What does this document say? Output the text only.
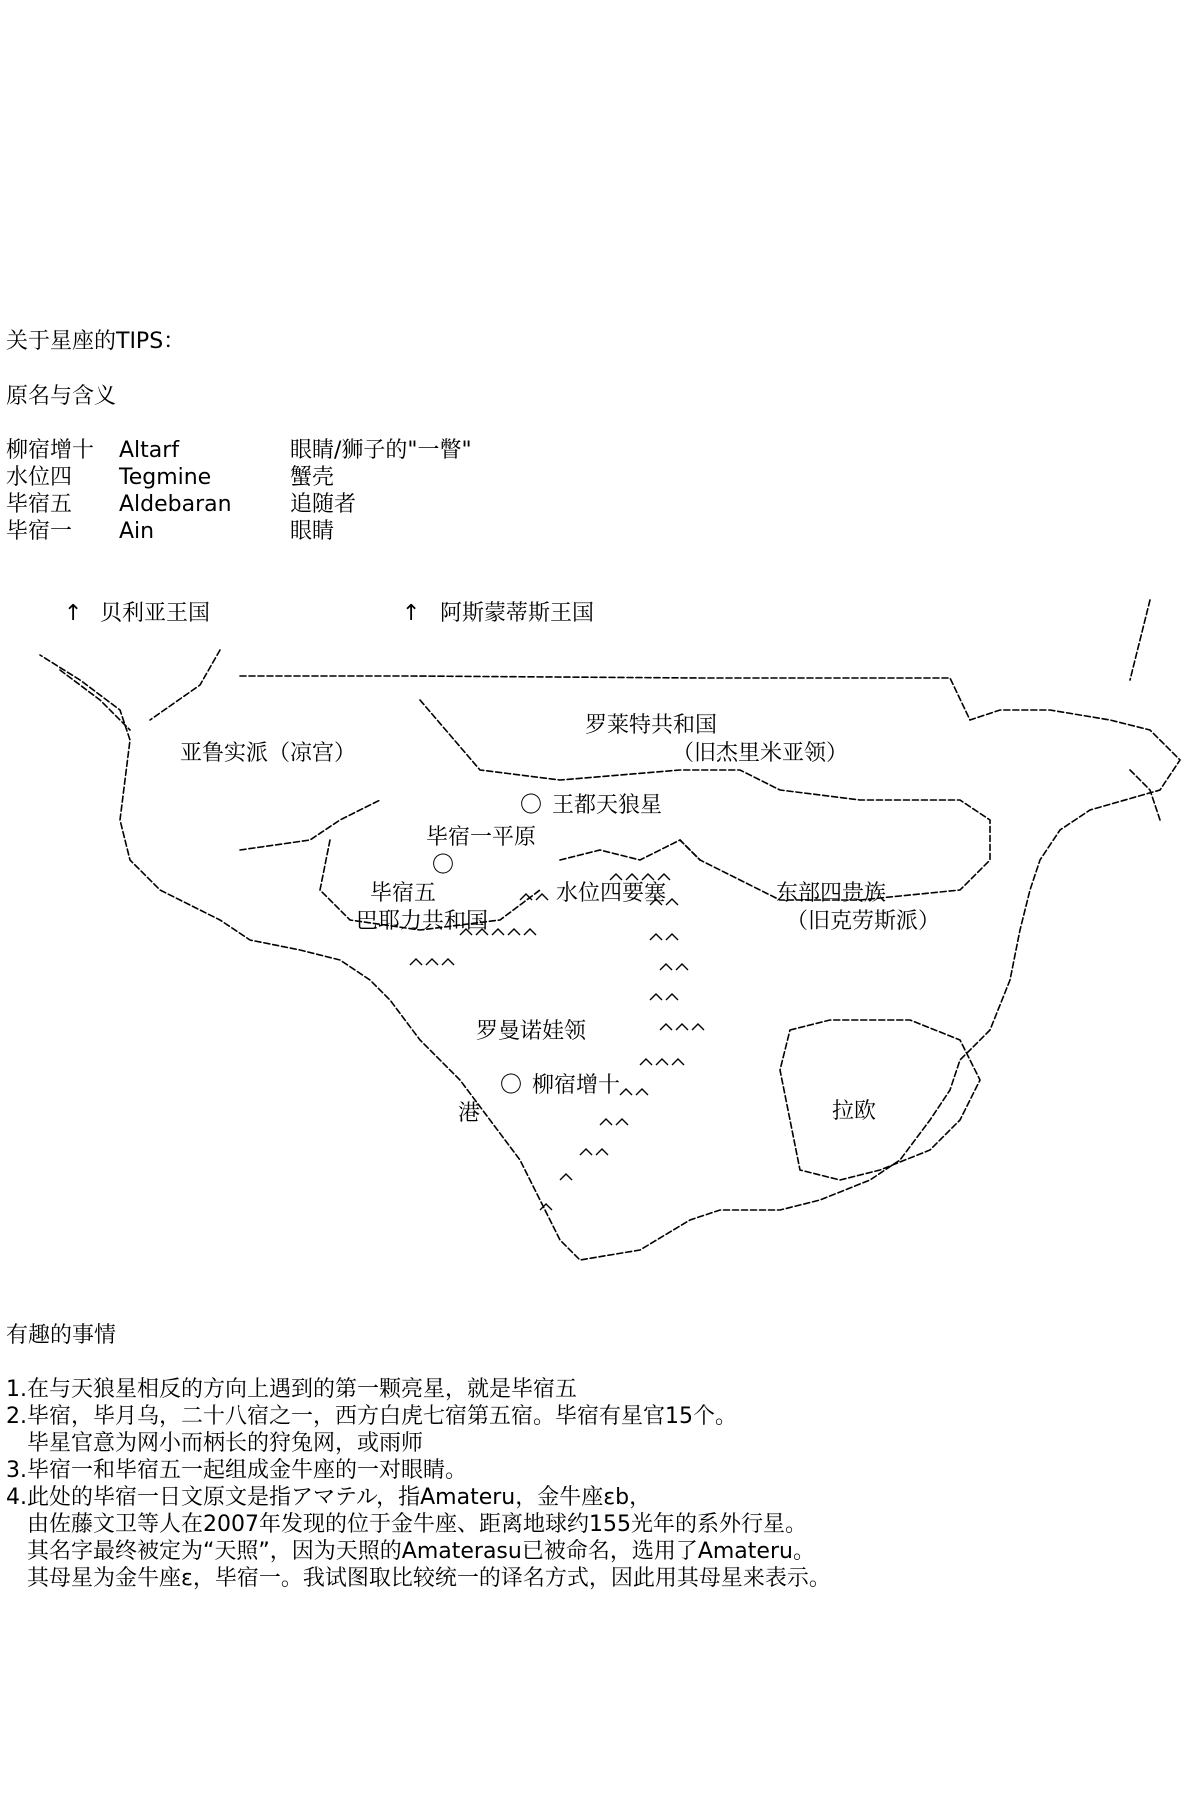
关于星座的TIPS：
原名与含义
柳宿增十 Altarf	眼睛/狮子的"一瞥"
水位四 Tegmine	蟹壳
毕宿五 Aldebaran	追随者
毕宿一 Ain	眼睛
↑	↑
贝利亚王国	阿斯蒙蒂斯王国
罗莱特共和国
（旧杰里米亚领）
亚鲁实派（凉宫）
〇 王都天狼星
毕宿一平原
〇
毕宿五
巴耶力共和国
水位四要塞	东部四贵族
（旧克劳斯派）
罗曼诺娃领
〇 柳宿增十
港	拉欧
有趣的事情
1.在与天狼星相反的方向上遇到的第一颗亮星，就是毕宿五
2.毕宿，毕月乌，二十八宿之一，西方白虎七宿第五宿。毕宿有星官15个。
毕星官意为网小而柄长的狩兔网，或雨师
3.毕宿一和毕宿五一起组成金牛座的一对眼睛。
4.此处的毕宿一日文原文是指アマテル，指Amateru，金牛座εb，
由佐藤文卫等人在2007年发现的位于金牛座、距离地球约155光年的系外行星。
其名字最终被定为“天照”，因为天照的Amaterasu已被命名，选用了Amateru。
其母星为金牛座ε，毕宿一。我试图取比较统一的译名方式，因此用其母星来表示。
